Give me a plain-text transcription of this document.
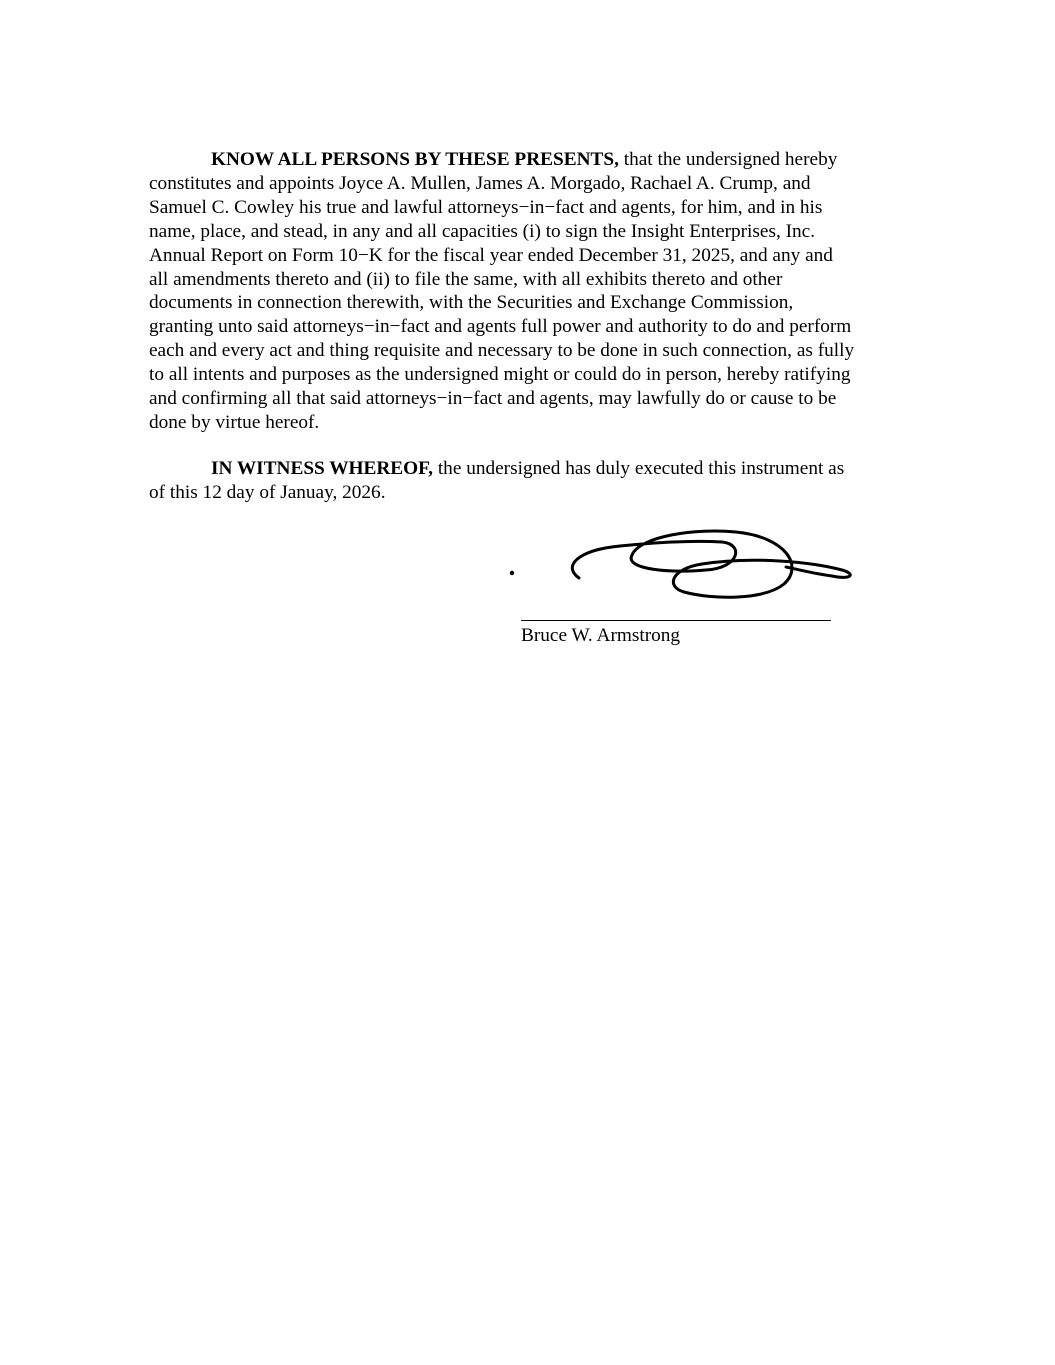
KNOW ALL PERSONS BY THESE PRESENTS, that the undersigned hereby
constitutes and appoints Joyce A. Mullen, James A. Morgado, Rachael A. Crump, and
Samuel C. Cowley his true and lawful attorneys−in−fact and agents, for him, and in his
name, place, and stead, in any and all capacities (i) to sign the Insight Enterprises, Inc.
Annual Report on Form 10−K for the fiscal year ended December 31, 2025, and any and
all amendments thereto and (ii) to file the same, with all exhibits thereto and other
documents in connection therewith, with the Securities and Exchange Commission,
granting unto said attorneys−in−fact and agents full power and authority to do and perform
each and every act and thing requisite and necessary to be done in such connection, as fully
to all intents and purposes as the undersigned might or could do in person, hereby ratifying
and confirming all that said attorneys−in−fact and agents, may lawfully do or cause to be
done by virtue hereof.

IN WITNESS WHEREOF, the undersigned has duly executed this instrument as
of this 12 day of Januay, 2026.

Bruce W. Armstrong
